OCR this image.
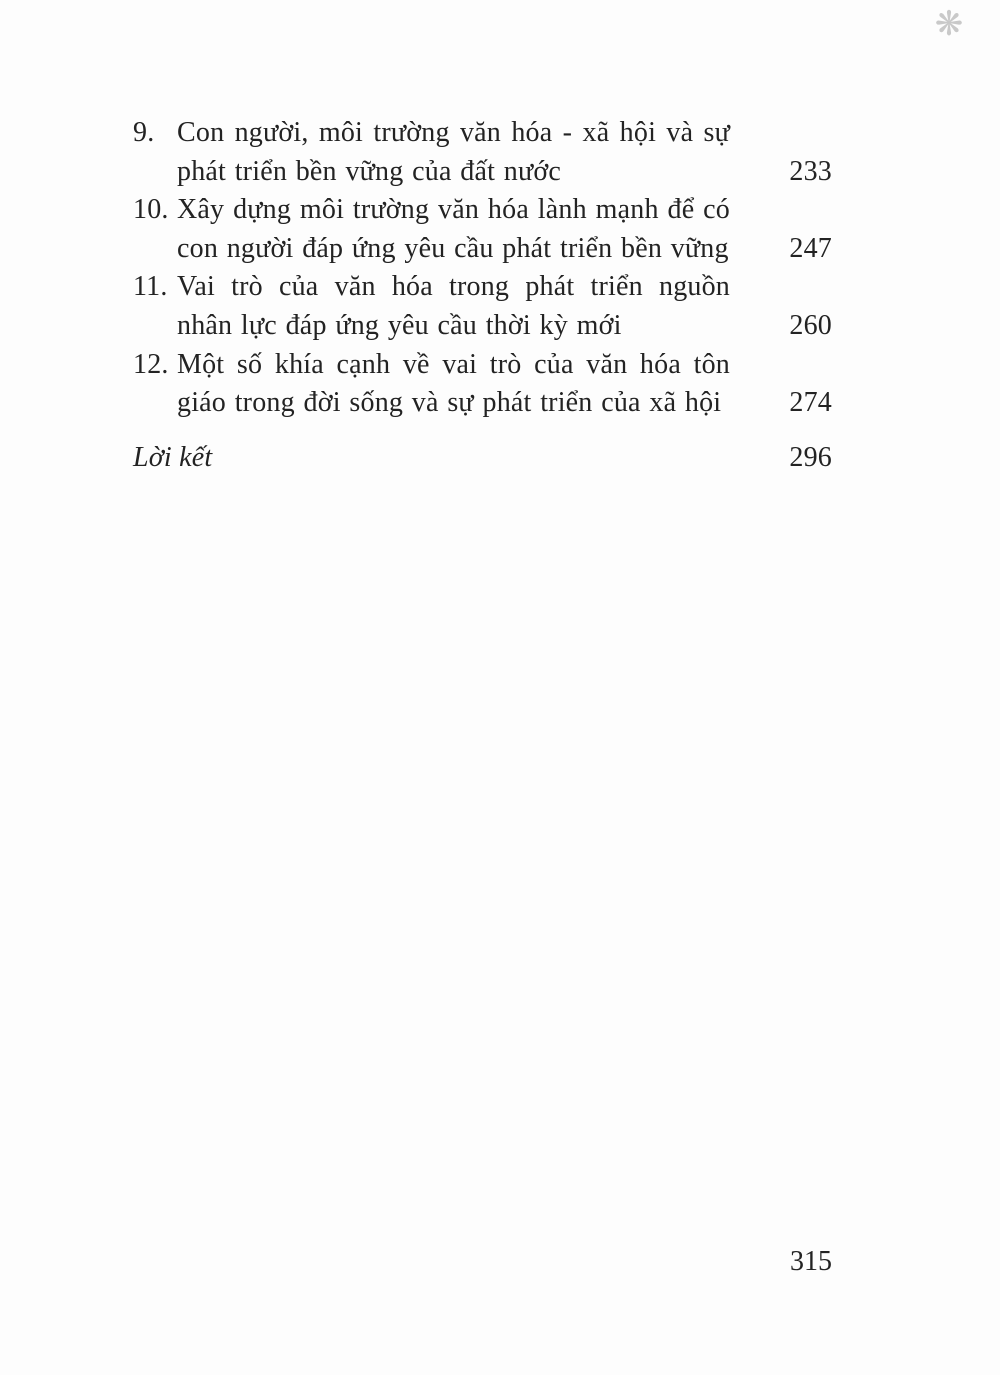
❋
9. Con người, môi trường văn hóa - xã hội và sự
phát triển bền vững của đất nước	233
10. Xây dựng môi trường văn hóa lành mạnh để có
con người đáp ứng yêu cầu phát triển bền vững 247
11. Vai trò của văn hóa trong phát triển nguồn
nhân lực đáp ứng yêu cầu thời kỳ mới	260
12. Một số khía cạnh về vai trò của văn hóa tôn
giáo trong đời sống và sự phát triển của xã hội	274
Lời kết	296
315
